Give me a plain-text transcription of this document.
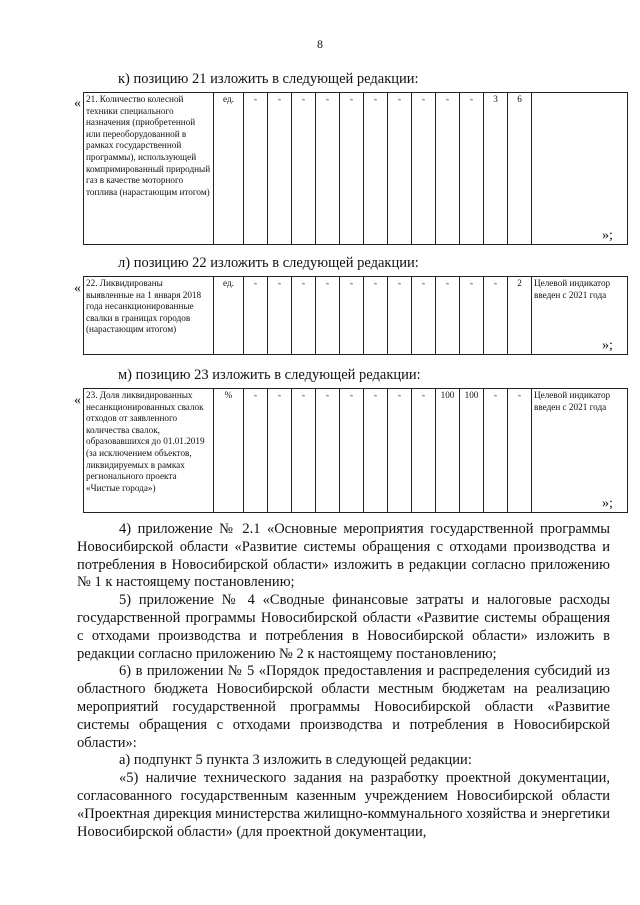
8
к) позицию 21 изложить в следующей редакции:
« 21. Количество колесной техники специального назначения (приобретенной или переоборудованной в рамках государственной программы), использующей компримированный природный газ в качестве моторного топлива (нарастающим итогом)	ед.	-	-	-	-	-	-	-	-	-	-	3	6	
»;
л) позицию 22 изложить в следующей редакции:
« 22. Ликвидированы выявленные на 1 января 2018 года несанкционированные свалки в границах городов (нарастающим итогом)	ед.	-	-	-	-	-	-	-	-	-	-	-	2	Целевой индикатор введен с 2021 года
»;
м) позицию 23 изложить в следующей редакции:
« 23. Доля ликвидированных несанкционированных свалок отходов от заявленного количества свалок, образовавшихся до 01.01.2019 (за исключением объектов, ликвидируемых в рамках регионального проекта «Чистые города»)	%	-	-	-	-	-	-	-	-	100	100	-	-	Целевой индикатор введен с 2021 года
»;

4) приложение № 2.1 «Основные мероприятия государственной программы Новосибирской области «Развитие системы обращения с отходами производства и потребления в Новосибирской области» изложить в редакции согласно приложению № 1 к настоящему постановлению;

5) приложение № 4 «Сводные финансовые затраты и налоговые расходы государственной программы Новосибирской области «Развитие системы обращения с отходами производства и потребления в Новосибирской области» изложить в редакции согласно приложению № 2 к настоящему постановлению;

6) в приложении № 5 «Порядок предоставления и распределения субсидий из областного бюджета Новосибирской области местным бюджетам на реализацию мероприятий государственной программы Новосибирской области «Развитие системы обращения с отходами производства и потребления в Новосибирской области»:

а) подпункт 5 пункта 3 изложить в следующей редакции:

«5) наличие технического задания на разработку проектной документации, согласованного государственным казенным учреждением Новосибирской области «Проектная дирекция министерства жилищно-коммунального хозяйства и энергетики Новосибирской области» (для проектной документации,
